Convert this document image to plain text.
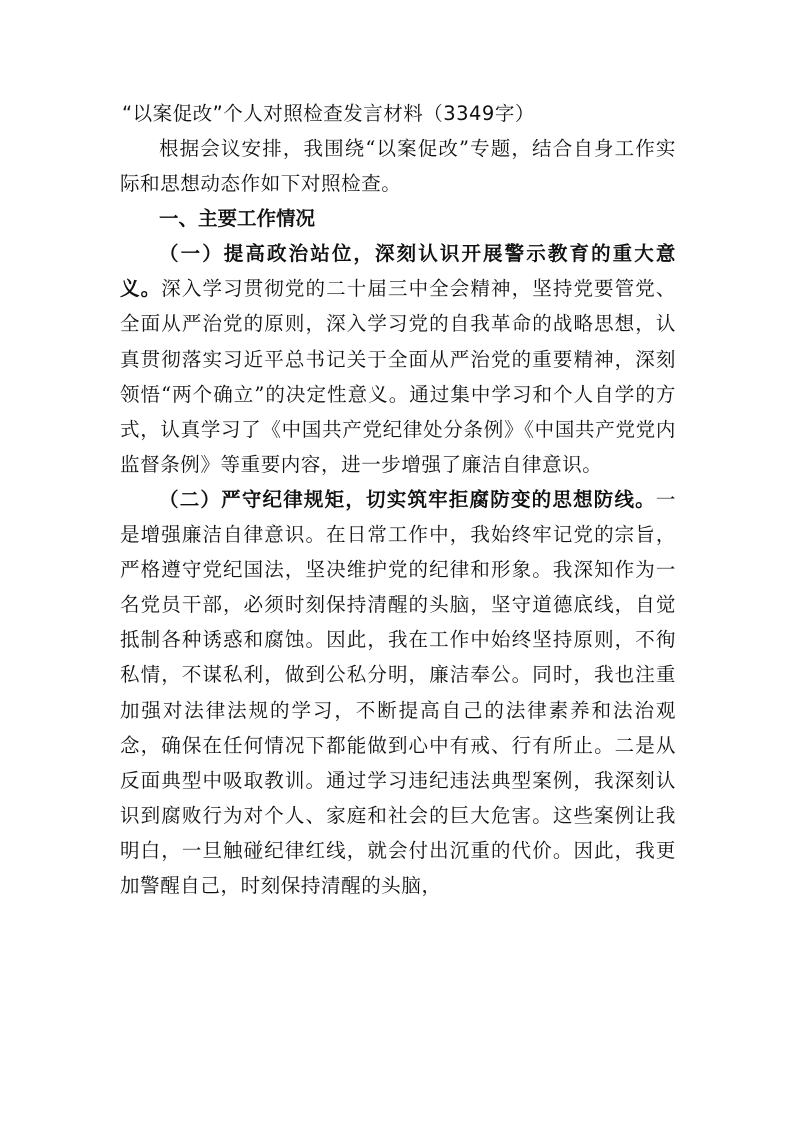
“以案促改”个人对照检查发言材料（3349字）

根据会议安排，我围绕“以案促改”专题，结合自身工作实际和思想动态作如下对照检查。

一、主要工作情况

（一）提高政治站位，深刻认识开展警示教育的重大意义。深入学习贯彻党的二十届三中全会精神，坚持党要管党、全面从严治党的原则，深入学习党的自我革命的战略思想，认真贯彻落实习近平总书记关于全面从严治党的重要精神，深刻领悟“两个确立”的决定性意义。通过集中学习和个人自学的方式，认真学习了《中国共产党纪律处分条例》《中国共产党党内监督条例》等重要内容，进一步增强了廉洁自律意识。

（二）严守纪律规矩，切实筑牢拒腐防变的思想防线。一是增强廉洁自律意识。在日常工作中，我始终牢记党的宗旨，严格遵守党纪国法，坚决维护党的纪律和形象。我深知作为一名党员干部，必须时刻保持清醒的头脑，坚守道德底线，自觉抵制各种诱惑和腐蚀。因此，我在工作中始终坚持原则，不徇私情，不谋私利，做到公私分明，廉洁奉公。同时，我也注重加强对法律法规的学习，不断提高自己的法律素养和法治观念，确保在任何情况下都能做到心中有戒、行有所止。二是从反面典型中吸取教训。通过学习违纪违法典型案例，我深刻认识到腐败行为对个人、家庭和社会的巨大危害。这些案例让我明白，一旦触碰纪律红线，就会付出沉重的代价。因此，我更加警醒自己，时刻保持清醒的头脑，
